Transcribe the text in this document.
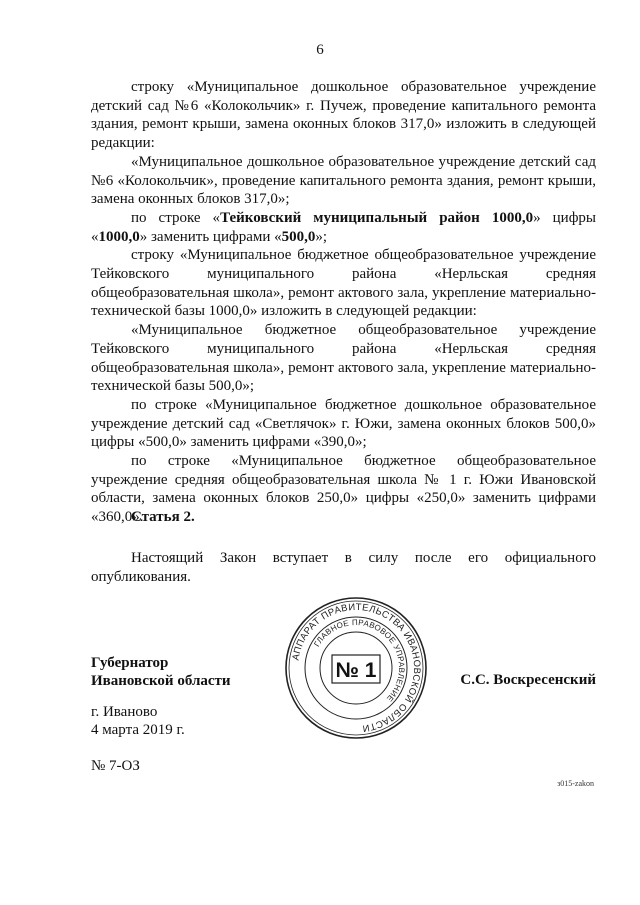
6

строку «Муниципальное дошкольное образовательное учреждение детский сад №6 «Колокольчик» г. Пучеж, проведение капитального ремонта здания, ремонт крыши, замена оконных блоков 317,0» изложить в следующей редакции:

«Муниципальное дошкольное образовательное учреждение детский сад №6 «Колокольчик», проведение капитального ремонта здания, ремонт крыши, замена оконных блоков 317,0»;

по строке «Тейковский муниципальный район 1000,0» цифры «1000,0» заменить цифрами «500,0»;

строку «Муниципальное бюджетное общеобразовательное учреждение Тейковского муниципального района «Нерльская средняя общеобразовательная школа», ремонт актового зала, укрепление материально-технической базы 1000,0» изложить в следующей редакции:

«Муниципальное бюджетное общеобразовательное учреждение Тейковского муниципального района «Нерльская средняя общеобразовательная школа», ремонт актового зала, укрепление материально-технической базы 500,0»;

по строке «Муниципальное бюджетное дошкольное образовательное учреждение детский сад «Светлячок» г. Южи, замена оконных блоков 500,0» цифры «500,0» заменить цифрами «390,0»;

по строке «Муниципальное бюджетное общеобразовательное учреждение средняя общеобразовательная школа № 1 г. Южи Ивановской области, замена оконных блоков 250,0» цифры «250,0» заменить цифрами «360,0».

Статья 2.

Настоящий Закон вступает в силу после его официального опубликования.

Губернатор
Ивановской области
АППАРАТ ПРАВИТЕЛЬСТВА ИВАНОВСКОЙ ОБЛАСТИ
ГЛАВНОЕ ПРАВОВОЕ УПРАВЛЕНИЕ
№ 1	С.С. Воскресенский
г. Иваново
4 марта 2019 г.
№ 7-ОЗ
з015-zakon
